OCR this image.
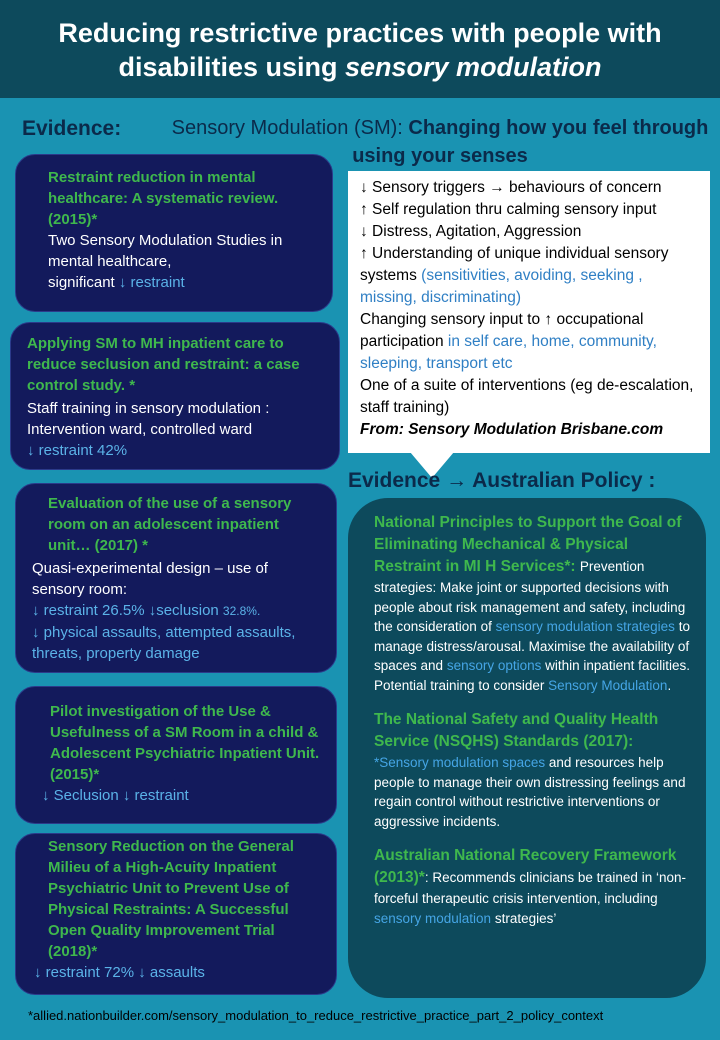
Reducing restrictive practices with people with
disabilities using sensory modulation
Evidence:	Sensory Modulation (SM): Changing how you feel through using your senses
Restraint reduction in mental healthcare: A systematic review. (2015)*
Two Sensory Modulation Studies in mental healthcare,
significant ↓ restraint
Applying SM to MH inpatient care to reduce seclusion and restraint: a case control study. *
Staff training in sensory modulation : Intervention ward, controlled ward
↓ restraint 42%
Evaluation of the use of a sensory room on an adolescent inpatient unit… (2017) *
Quasi-experimental design – use of sensory room:
↓ restraint 26.5% ↓seclusion 32.8%.
↓ physical assaults, attempted assaults, threats, property damage
Pilot investigation of the Use & Usefulness of a SM Room in a child & Adolescent Psychiatric Inpatient Unit. (2015)*
↓ Seclusion ↓ restraint
Sensory Reduction on the General Milieu of a High-Acuity Inpatient Psychiatric Unit to Prevent Use of Physical Restraints: A Successful Open Quality Improvement Trial (2018)*
↓ restraint 72% ↓ assaults
↓ Sensory triggers → behaviours of concern
↑ Self regulation thru calming sensory input
↓ Distress, Agitation, Aggression
↑ Understanding of unique individual sensory systems (sensitivities, avoiding, seeking , missing, discriminating)
Changing sensory input to ↑ occupational participation in self care, home, community, sleeping, transport etc
One of a suite of interventions (eg de-escalation, staff training)
From: Sensory Modulation Brisbane.com
Evidence → Australian Policy :

National Principles to Support the Goal of Eliminating Mechanical & Physical Restraint in MI H Services*: Prevention strategies: Make joint or supported decisions with people about risk management and safety, including the consideration of sensory modulation strategies to manage distress/arousal. Maximise the availability of spaces and sensory options within inpatient facilities. Potential training to consider Sensory Modulation.

The National Safety and Quality Health Service (NSQHS) Standards (2017):
*Sensory modulation spaces and resources help people to manage their own distressing feelings and regain control without restrictive interventions or aggressive incidents.

Australian National Recovery Framework (2013)*: Recommends clinicians be trained in ‘non-forceful therapeutic crisis intervention, including sensory modulation strategies’

*allied.nationbuilder.com/sensory_modulation_to_reduce_restrictive_practice_part_2_policy_context
